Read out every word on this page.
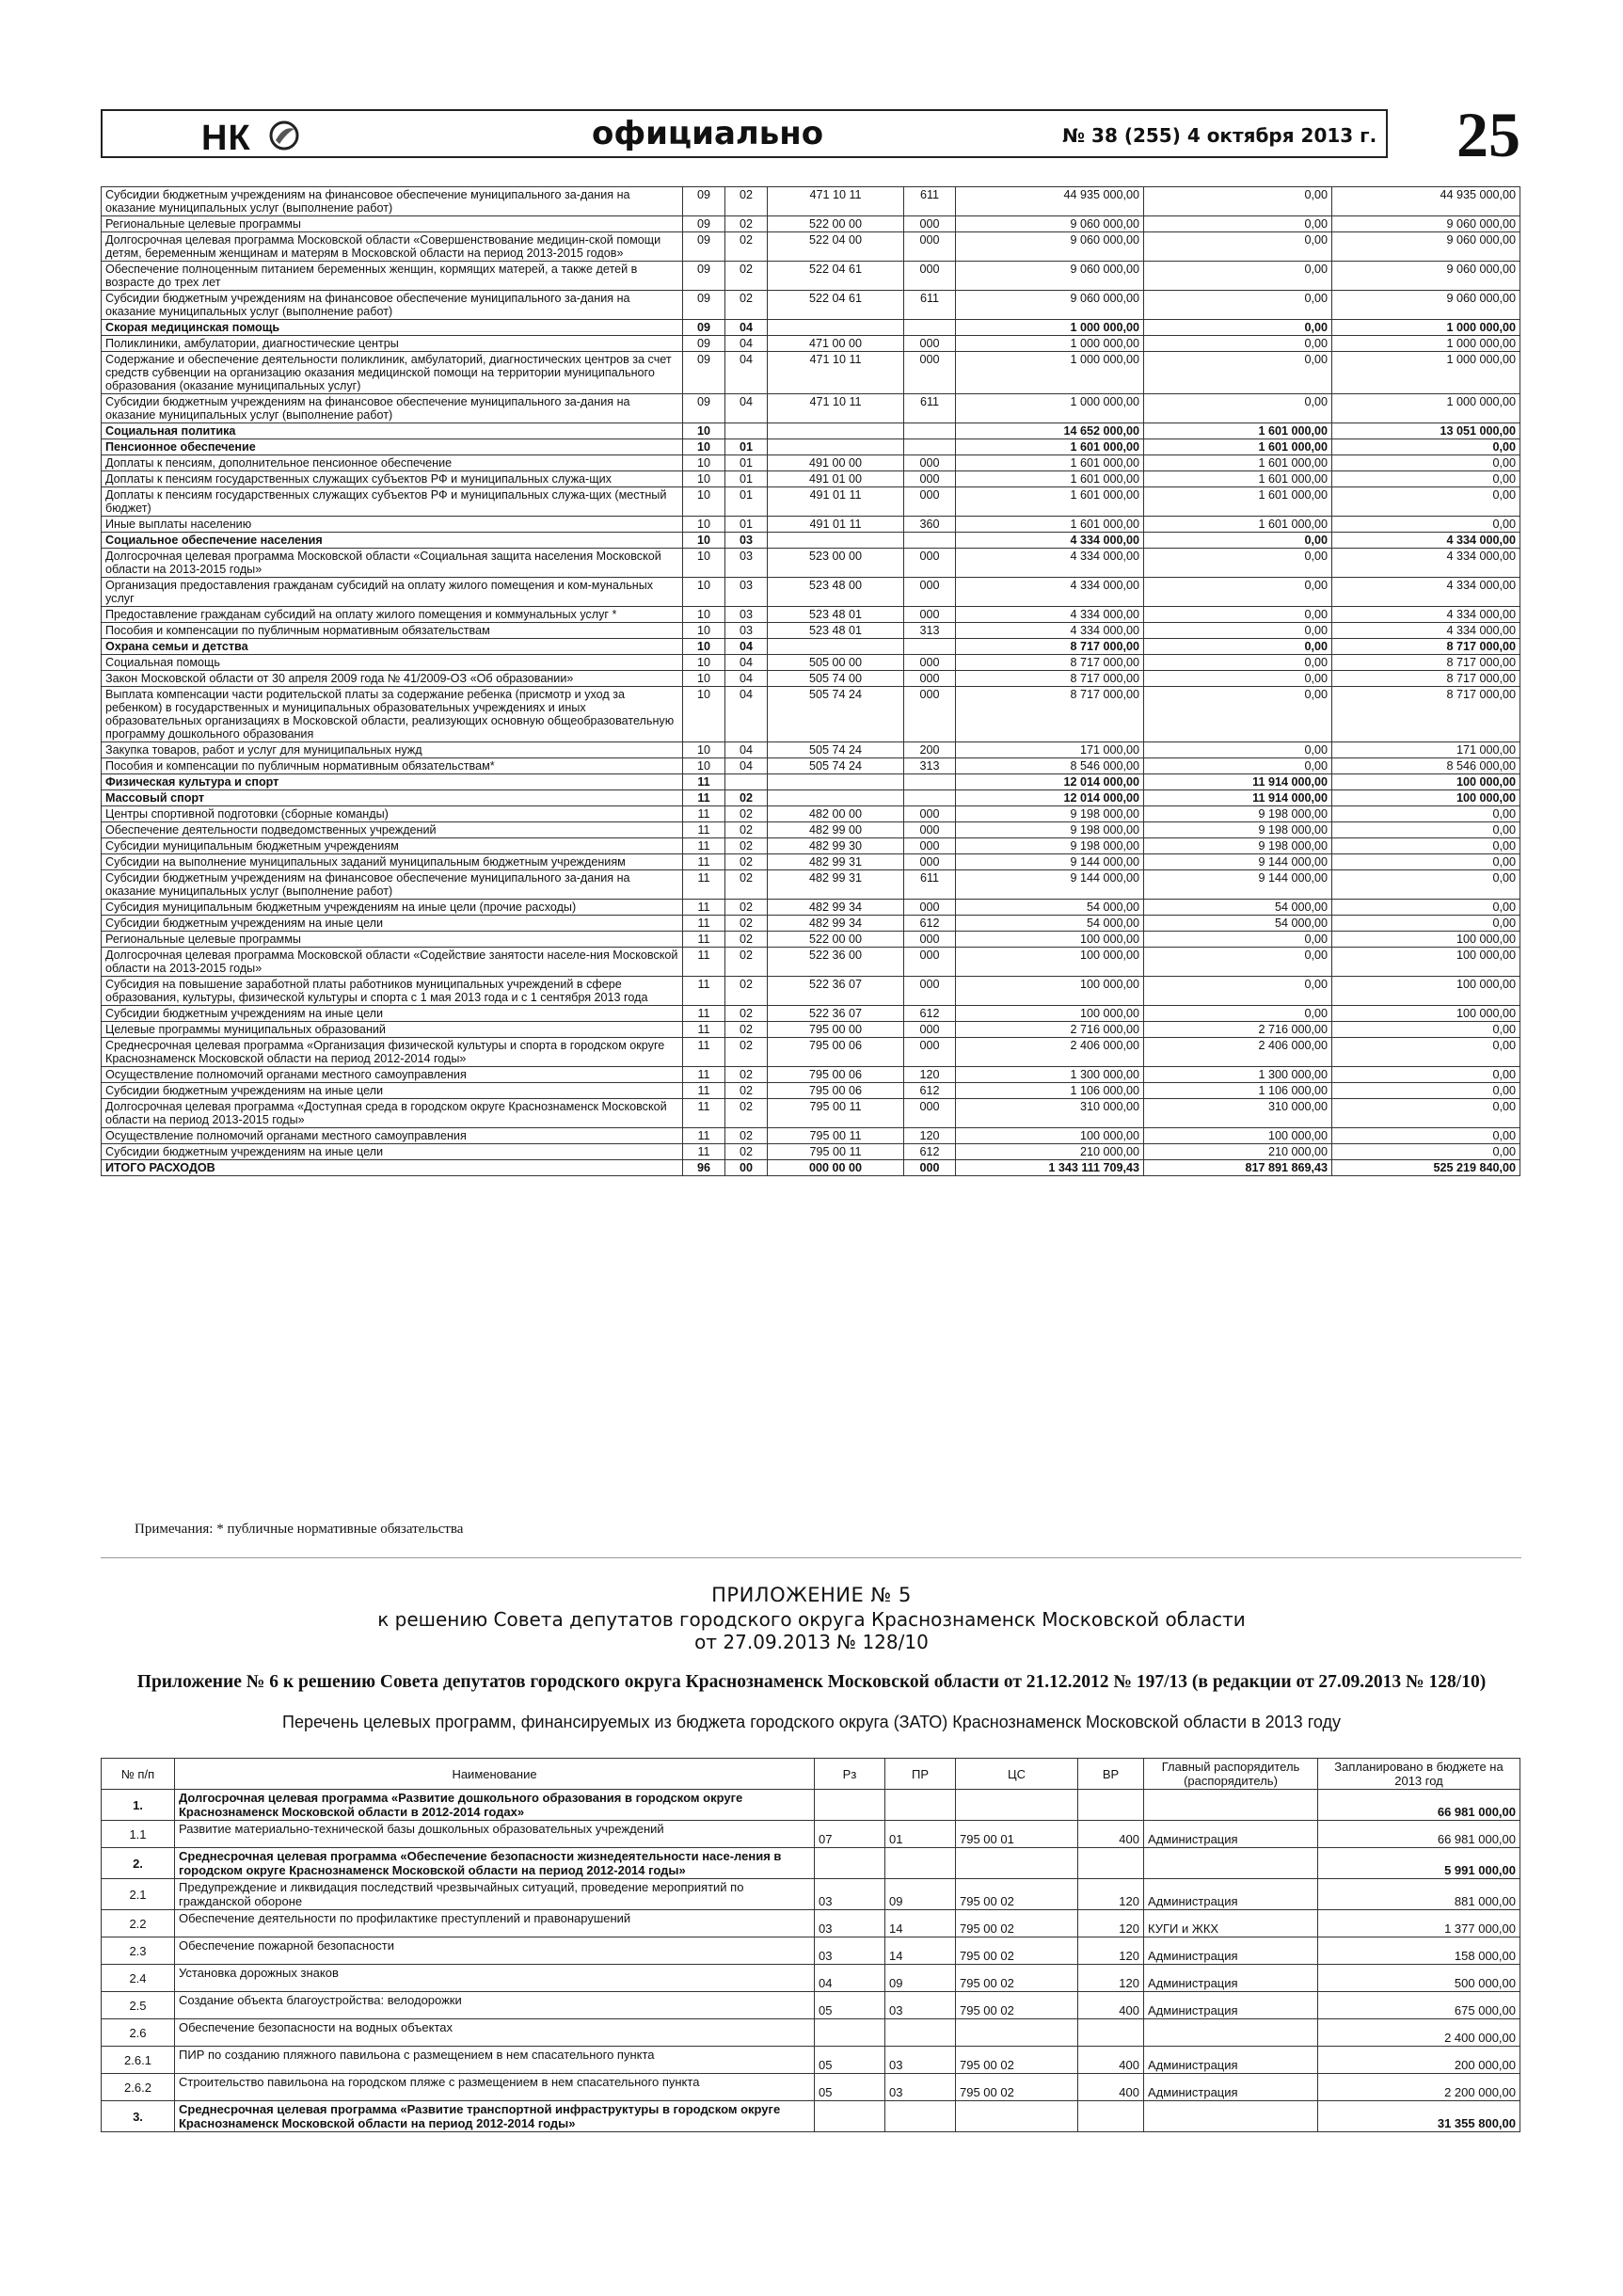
НК	официально	№ 38 (255) 4 октября 2013 г. 25
Субсидии бюджетным учреждениям на финансовое обеспечение муниципального за-дания на оказание муниципальных услуг (выполнение работ)	09	02	471 10 11	611	44 935 000,00	0,00	44 935 000,00
Региональные целевые программы	09	02	522 00 00	000	9 060 000,00	0,00	9 060 000,00
Долгосрочная целевая программа Московской области «Совершенствование медицин-ской помощи детям, беременным женщинам и матерям в Московской области на период 2013-2015 годов»	09	02	522 04 00	000	9 060 000,00	0,00	9 060 000,00
Обеспечение полноценным питанием беременных женщин, кормящих матерей, а также детей в возрасте до трех лет	09	02	522 04 61	000	9 060 000,00	0,00	9 060 000,00
Субсидии бюджетным учреждениям на финансовое обеспечение муниципального за-дания на оказание муниципальных услуг (выполнение работ)	09	02	522 04 61	611	9 060 000,00	0,00	9 060 000,00
Скорая медицинская помощь	09	04			1 000 000,00	0,00	1 000 000,00
Поликлиники, амбулатории, диагностические центры	09	04	471 00 00	000	1 000 000,00	0,00	1 000 000,00
Содержание и обеспечение деятельности поликлиник, амбулаторий, диагностических центров за счет средств субвенции на организацию оказания медицинской помощи на территории муниципального образования (оказание муниципальных услуг)	09	04	471 10 11	000	1 000 000,00	0,00	1 000 000,00
Субсидии бюджетным учреждениям на финансовое обеспечение муниципального за-дания на оказание муниципальных услуг (выполнение работ)	09	04	471 10 11	611	1 000 000,00	0,00	1 000 000,00
Социальная политика	10				14 652 000,00	1 601 000,00	13 051 000,00
Пенсионное обеспечение	10	01			1 601 000,00	1 601 000,00	0,00
Доплаты к пенсиям, дополнительное пенсионное обеспечение	10	01	491 00 00	000	1 601 000,00	1 601 000,00	0,00
Доплаты к пенсиям государственных служащих субъектов РФ и муниципальных служа-щих	10	01	491 01 00	000	1 601 000,00	1 601 000,00	0,00
Доплаты к пенсиям государственных служащих субъектов РФ и муниципальных служа-щих (местный бюджет)	10	01	491 01 11	000	1 601 000,00	1 601 000,00	0,00
Иные выплаты населению	10	01	491 01 11	360	1 601 000,00	1 601 000,00	0,00
Социальное обеспечение населения	10	03			4 334 000,00	0,00	4 334 000,00
Долгосрочная целевая программа Московской области «Социальная защита населения Московской области на 2013-2015 годы»	10	03	523 00 00	000	4 334 000,00	0,00	4 334 000,00
Организация предоставления гражданам субсидий на оплату жилого помещения и ком-мунальных услуг	10	03	523 48 00	000	4 334 000,00	0,00	4 334 000,00
Предоставление гражданам субсидий на оплату жилого помещения и коммунальных услуг *	10	03	523 48 01	000	4 334 000,00	0,00	4 334 000,00
Пособия и компенсации по публичным нормативным обязательствам	10	03	523 48 01	313	4 334 000,00	0,00	4 334 000,00
Охрана семьи и детства	10	04			8 717 000,00	0,00	8 717 000,00
Социальная помощь	10	04	505 00 00	000	8 717 000,00	0,00	8 717 000,00
Закон Московской области от 30 апреля 2009 года № 41/2009-ОЗ «Об образовании»	10	04	505 74 00	000	8 717 000,00	0,00	8 717 000,00
Выплата компенсации части родительской платы за содержание ребенка (присмотр и уход за ребенком) в государственных и муниципальных образовательных учреждениях и иных образовательных организациях в Московской области, реализующих основную общеобразовательную программу дошкольного образования	10	04	505 74 24	000	8 717 000,00	0,00	8 717 000,00
Закупка товаров, работ и услуг для муниципальных нужд	10	04	505 74 24	200	171 000,00	0,00	171 000,00
Пособия и компенсации по публичным нормативным обязательствам*	10	04	505 74 24	313	8 546 000,00	0,00	8 546 000,00
Физическая культура и спорт	11				12 014 000,00	11 914 000,00	100 000,00
Массовый спорт	11	02			12 014 000,00	11 914 000,00	100 000,00
Центры спортивной подготовки (сборные команды)	11	02	482 00 00	000	9 198 000,00	9 198 000,00	0,00
Обеспечение деятельности подведомственных учреждений	11	02	482 99 00	000	9 198 000,00	9 198 000,00	0,00
Субсидии муниципальным бюджетным учреждениям	11	02	482 99 30	000	9 198 000,00	9 198 000,00	0,00
Субсидии на выполнение муниципальных заданий муниципальным бюджетным учреждениям	11	02	482 99 31	000	9 144 000,00	9 144 000,00	0,00
Субсидии бюджетным учреждениям на финансовое обеспечение муниципального за-дания на оказание муниципальных услуг (выполнение работ)	11	02	482 99 31	611	9 144 000,00	9 144 000,00	0,00
Субсидия муниципальным бюджетным учреждениям на иные цели (прочие расходы)	11	02	482 99 34	000	54 000,00	54 000,00	0,00
Субсидии бюджетным учреждениям на иные цели	11	02	482 99 34	612	54 000,00	54 000,00	0,00
Региональные целевые программы	11	02	522 00 00	000	100 000,00	0,00	100 000,00
Долгосрочная целевая программа Московской области «Содействие занятости населе-ния Московской области на 2013-2015 годы»	11	02	522 36 00	000	100 000,00	0,00	100 000,00
Субсидия на повышение заработной платы работников муниципальных учреждений в сфере образования, культуры, физической культуры и спорта с 1 мая 2013 года и с 1 сентября 2013 года	11	02	522 36 07	000	100 000,00	0,00	100 000,00
Субсидии бюджетным учреждениям на иные цели	11	02	522 36 07	612	100 000,00	0,00	100 000,00
Целевые программы муниципальных образований	11	02	795 00 00	000	2 716 000,00	2 716 000,00	0,00
Среднесрочная целевая программа «Организация физической культуры и спорта в городском округе Краснознаменск Московской области на период 2012-2014 годы»	11	02	795 00 06	000	2 406 000,00	2 406 000,00	0,00
Осуществление полномочий органами местного самоуправления	11	02	795 00 06	120	1 300 000,00	1 300 000,00	0,00
Субсидии бюджетным учреждениям на иные цели	11	02	795 00 06	612	1 106 000,00	1 106 000,00	0,00
Долгосрочная целевая программа «Доступная среда в городском округе Краснознаменск Московской области на период 2013-2015 годы»	11	02	795 00 11	000	310 000,00	310 000,00	0,00
Осуществление полномочий органами местного самоуправления	11	02	795 00 11	120	100 000,00	100 000,00	0,00
Субсидии бюджетным учреждениям на иные цели	11	02	795 00 11	612	210 000,00	210 000,00	0,00
ИТОГО РАСХОДОВ	96	00	000 00 00	000	1 343 111 709,43	817 891 869,43	525 219 840,00
Примечания: * публичные нормативные обязательства
ПРИЛОЖЕНИЕ № 5
к решению Совета депутатов городского округа Краснознаменск Московской области
от 27.09.2013 № 128/10
Приложение № 6 к решению Совета депутатов городского округа Краснознаменск Московской области от 21.12.2012 № 197/13 (в редакции от 27.09.2013 № 128/10)
Перечень целевых программ, финансируемых из бюджета городского округа (ЗАТО) Краснознаменск Московской области в 2013 году
№ п/п	Наименование	Рз	ПР	ЦС	ВР	Главный распорядитель (распорядитель)	Запланировано в бюджете на 2013 год
1.	Долгосрочная целевая программа «Развитие дошкольного образования в городском округе Краснознаменск Московской области в 2012-2014 годах»						66 981 000,00
1.1	Развитие материально-технической базы дошкольных образовательных учреждений	07	01	795 00 01	400	Администрация	66 981 000,00
2.	Среднесрочная целевая программа «Обеспечение безопасности жизнедеятельности насе-ления в городском округе Краснознаменск Московской области на период 2012-2014 годы»						5 991 000,00
2.1	Предупреждение и ликвидация последствий чрезвычайных ситуаций, проведение мероприятий по гражданской обороне	03	09	795 00 02	120	Администрация	881 000,00
2.2	Обеспечение деятельности по профилактике преступлений и правонарушений	03	14	795 00 02	120	КУГИ и ЖКХ	1 377 000,00
2.3	Обеспечение пожарной безопасности	03	14	795 00 02	120	Администрация	158 000,00
2.4	Установка дорожных знаков	04	09	795 00 02	120	Администрация	500 000,00
2.5	Создание объекта благоустройства: велодорожки	05	03	795 00 02	400	Администрация	675 000,00
2.6	Обеспечение безопасности на водных объектах						2 400 000,00
2.6.1	ПИР по созданию пляжного павильона с размещением в нем спасательного пункта	05	03	795 00 02	400	Администрация	200 000,00
2.6.2	Строительство павильона на городском пляже с размещением в нем спасательного пункта	05	03	795 00 02	400	Администрация	2 200 000,00
3.	Среднесрочная целевая программа «Развитие транспортной инфраструктуры в городском округе Краснознаменск Московской области на период 2012-2014 годы»						31 355 800,00
